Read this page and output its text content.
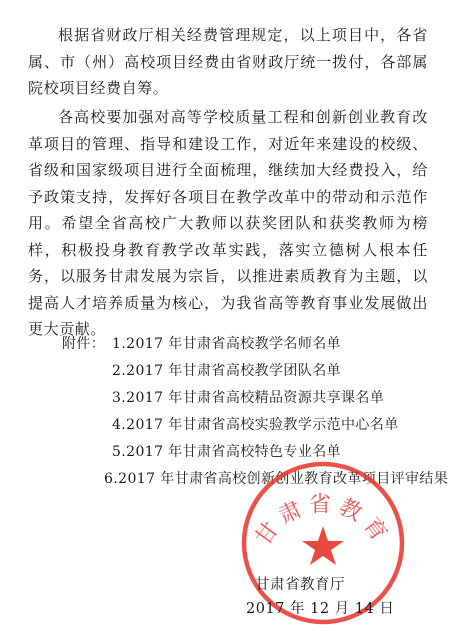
根据省财政厅相关经费管理规定，以上项目中，各省属、市（州）高校项目经费由省财政厅统一拨付，各部属院校项目经费自筹。

各高校要加强对高等学校质量工程和创新创业教育改革项目的管理、指导和建设工作，对近年来建设的校级、省级和国家级项目进行全面梳理，继续加大经费投入，给予政策支持，发挥好各项目在教学改革中的带动和示范作用。希望全省高校广大教师以获奖团队和获奖教师为榜样，积极投身教育教学改革实践，落实立德树人根本任务，以服务甘肃发展为宗旨，以推进素质教育为主题，以提高人才培养质量为核心，为我省高等教育事业发展做出更大贡献。

附件： 1.2017 年甘肃省高校教学名师名单
2.2017 年甘肃省高校教学团队名单
3.2017 年甘肃省高校精品资源共享课名单
4.2017 年甘肃省高校实验教学示范中心名单
5.2017 年甘肃省高校特色专业名单
6.2017 年甘肃省高校创新创业教育改革项目评审结果
甘肃省教育
甘肃省教育厅
2017 年 12 月 14 日
